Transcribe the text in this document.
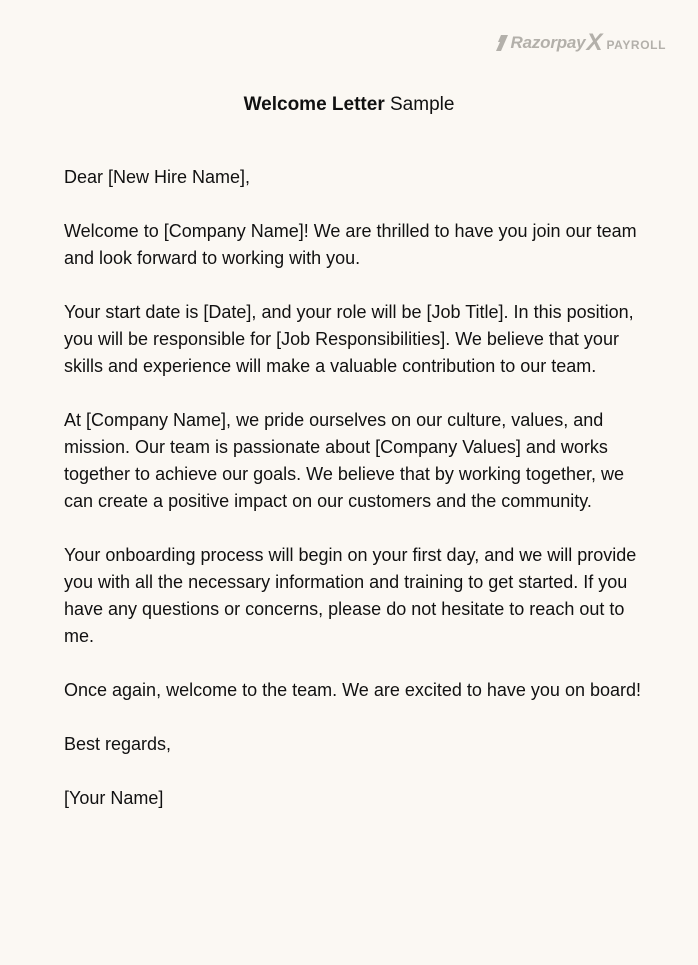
Razorpay X PAYROLL
Welcome Letter Sample

Dear [New Hire Name],

Welcome to [Company Name]! We are thrilled to have you join our team and look forward to working with you.

Your start date is [Date], and your role will be [Job Title]. In this position, you will be responsible for [Job Responsibilities]. We believe that your skills and experience will make a valuable contribution to our team.

At [Company Name], we pride ourselves on our culture, values, and mission. Our team is passionate about [Company Values] and works together to achieve our goals. We believe that by working together, we can create a positive impact on our customers and the community.

Your onboarding process will begin on your first day, and we will provide you with all the necessary information and training to get started. If you have any questions or concerns, please do not hesitate to reach out to me.

Once again, welcome to the team. We are excited to have you on board!

Best regards,

[Your Name]
